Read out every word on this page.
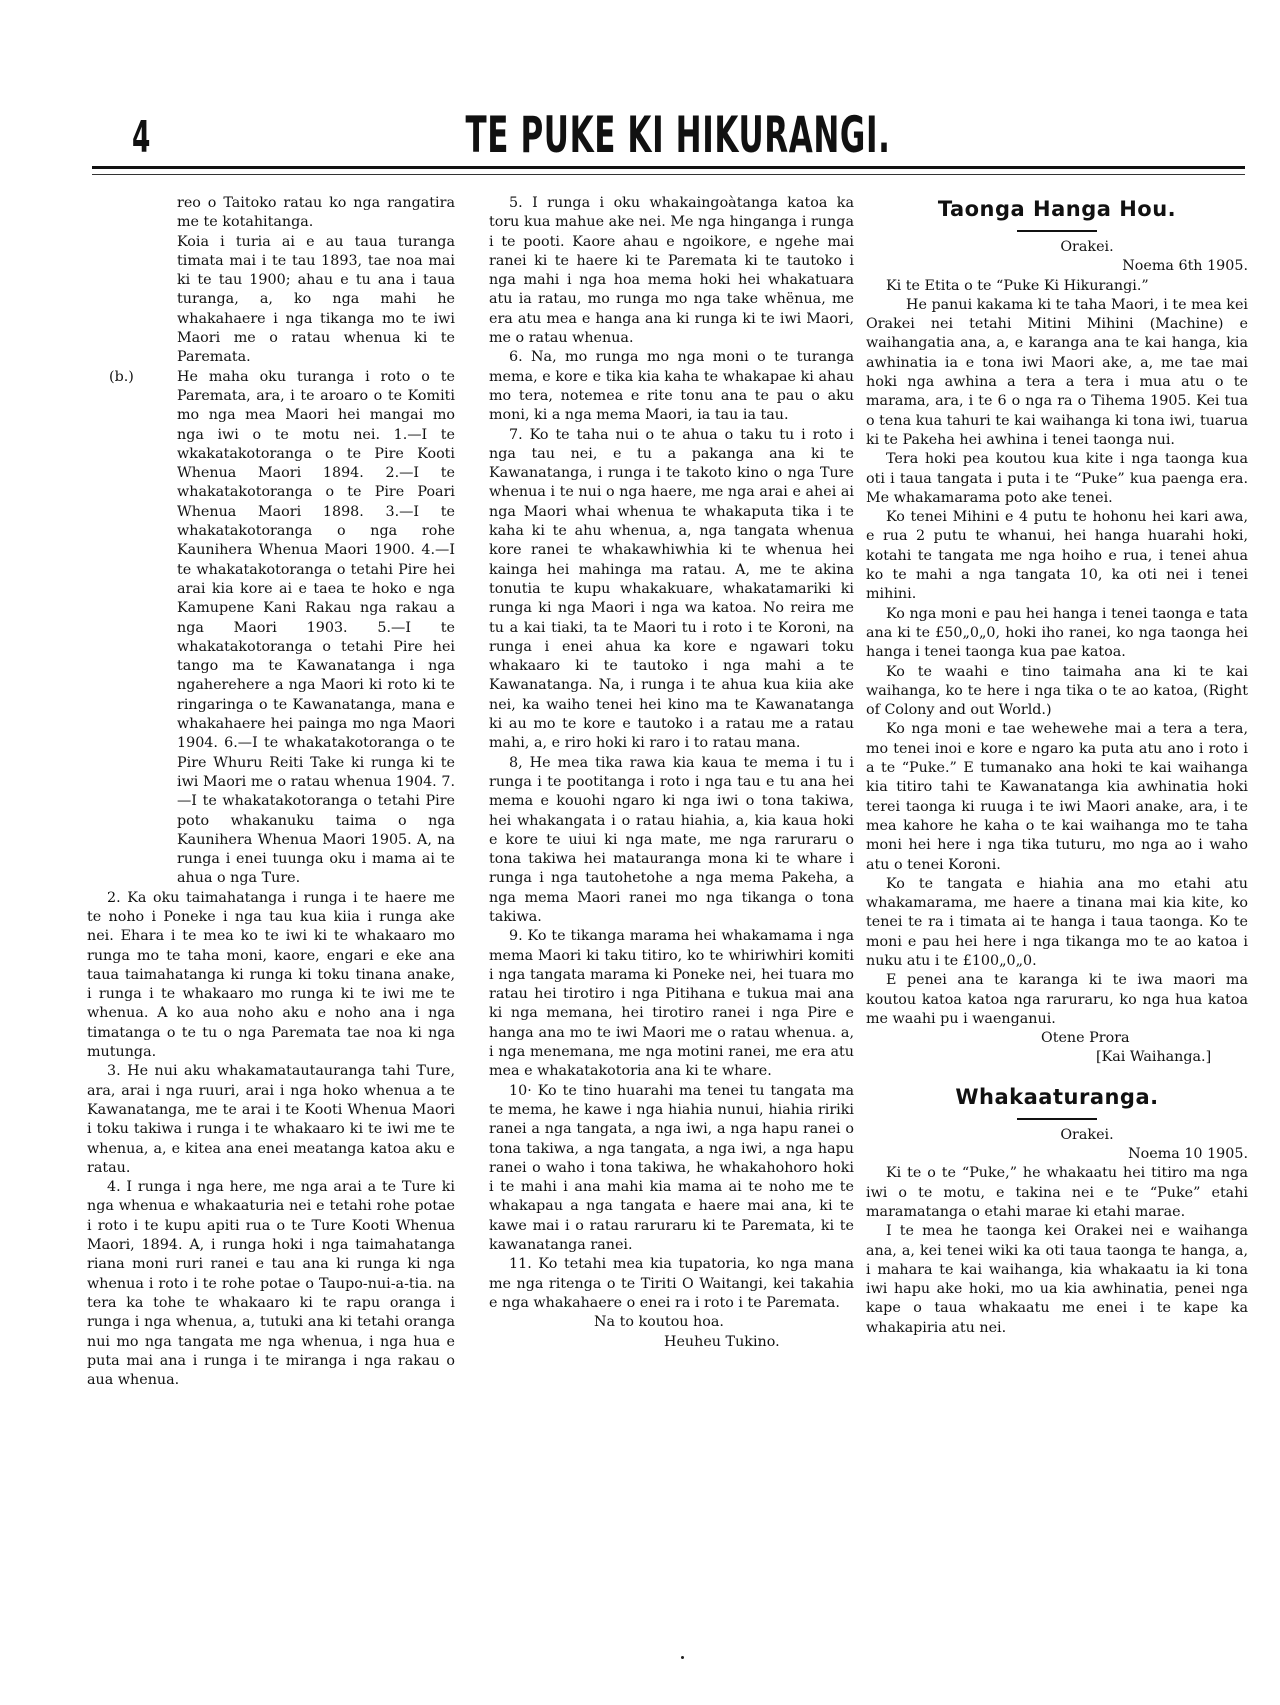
4	TE PUKE KI HIKURANGI.

reo o Taitoko ratau ko nga rangatira me te kotahitanga.

Koia i turia ai e au taua turanga timata mai i te tau 1893, tae noa mai ki te tau 1900; ahau e tu ana i taua turanga, a, ko nga mahi he whakahaere i nga tikanga mo te iwi Maori me o ratau whenua ki te Paremata.

(b.)	He maha oku turanga i roto o te Paremata, ara, i te aroaro o te Komiti mo nga mea Maori hei mangai mo nga iwi o te motu nei. 1.—I te wkakatakotoranga o te Pire Kooti Whenua Maori 1894. 2.—I te whakatakotoranga o te Pire Poari Whenua Maori 1898. 3.—I te whakatakotoranga o nga rohe Kaunihera Whenua Maori 1900. 4.—I te whakatakotoranga o tetahi Pire hei arai kia kore ai e taea te hoko e nga Kamupene Kani Rakau nga rakau a nga Maori 1903. 5.—I te whakatakotoranga o tetahi Pire hei tango ma te Kawanatanga i nga ngaherehere a nga Maori ki roto ki te ringaringa o te Kawanatanga, mana e whakahaere hei painga mo nga Maori 1904. 6.—I te whakatakotoranga o te Pire Whuru Reiti Take ki runga ki te iwi Maori me o ratau whenua 1904. 7.—I te whakatakotoranga o tetahi Pire poto whakanuku taima o nga Kaunihera Whenua Maori 1905. A, na runga i enei tuunga oku i mama ai te ahua o nga Ture.

2. Ka oku taimahatanga i runga i te haere me te noho i Poneke i nga tau kua kiia i runga ake nei. Ehara i te mea ko te iwi ki te whakaaro mo runga mo te taha moni, kaore, engari e eke ana taua taimahatanga ki runga ki toku tinana anake, i runga i te whakaaro mo runga ki te iwi me te whenua. A ko aua noho aku e noho ana i nga timatanga o te tu o nga Paremata tae noa ki nga mutunga.

3. He nui aku whakamatautauranga tahi Ture, ara, arai i nga ruuri, arai i nga hoko whenua a te Kawanatanga, me te arai i te Kooti Whenua Maori i toku takiwa i runga i te whakaaro ki te iwi me te whenua, a, e kitea ana enei meatanga katoa aku e ratau.

4. I runga i nga here, me nga arai a te Ture ki nga whenua e whakaaturia nei e tetahi rohe potae i roto i te kupu apiti rua o te Ture Kooti Whenua Maori, 1894. A, i runga hoki i nga taimahatanga riana moni ruri ranei e tau ana ki runga ki nga whenua i roto i te rohe potae o Taupo-nui-a-tia. na tera ka tohe te whakaaro ki te rapu oranga i runga i nga whenua, a, tutuki ana ki tetahi oranga nui mo nga tangata me nga whenua, i nga hua e puta mai ana i runga i te miranga i nga rakau o aua whenua.

5. I runga i oku whakaingoàtanga katoa ka toru kua mahue ake nei. Me nga hinganga i runga i te pooti. Kaore ahau e ngoikore, e ngehe mai ranei ki te haere ki te Paremata ki te tautoko i nga mahi i nga hoa mema hoki hei whakatuara atu ia ratau, mo runga mo nga take whënua, me era atu mea e hanga ana ki runga ki te iwi Maori, me o ratau whenua.

6. Na, mo runga mo nga moni o te turanga mema, e kore e tika kia kaha te whakapae ki ahau mo tera, notemea e rite tonu ana te pau o aku moni, ki a nga mema Maori, ia tau ia tau.

7. Ko te taha nui o te ahua o taku tu i roto i nga tau nei, e tu a pakanga ana ki te Kawanatanga, i runga i te takoto kino o nga Ture whenua i te nui o nga haere, me nga arai e ahei ai nga Maori whai whenua te whakaputa tika i te kaha ki te ahu whenua, a, nga tangata whenua kore ranei te whakawhiwhia ki te whenua hei kainga hei mahinga ma ratau. A, me te akina tonutia te kupu whakakuare, whakatamariki ki runga ki nga Maori i nga wa katoa. No reira me tu a kai tiaki, ta te Maori tu i roto i te Koroni, na runga i enei ahua ka kore e ngawari toku whakaaro ki te tautoko i nga mahi a te Kawanatanga. Na, i runga i te ahua kua kiia ake nei, ka waiho tenei hei kino ma te Kawanatanga ki au mo te kore e tautoko i a ratau me a ratau mahi, a, e riro hoki ki raro i to ratau mana.

8, He mea tika rawa kia kaua te mema i tu i runga i te pootitanga i roto i nga tau e tu ana hei mema e kouohi ngaro ki nga iwi o tona takiwa, hei whakangata i o ratau hiahia, a, kia kaua hoki e kore te uiui ki nga mate, me nga raruraru o tona takiwa hei matauranga mona ki te whare i runga i nga tautohetohe a nga mema Pakeha, a nga mema Maori ranei mo nga tikanga o tona takiwa.

9. Ko te tikanga marama hei whakamama i nga mema Maori ki taku titiro, ko te whiriwhiri komiti i nga tangata marama ki Poneke nei, hei tuara mo ratau hei tirotiro i nga Pitihana e tukua mai ana ki nga memana, hei tirotiro ranei i nga Pire e hanga ana mo te iwi Maori me o ratau whenua. a, i nga menemana, me nga motini ranei, me era atu mea e whakatakotoria ana ki te whare.

10· Ko te tino huarahi ma tenei tu tangata ma te mema, he kawe i nga hiahia nunui, hiahia ririki ranei a nga tangata, a nga iwi, a nga hapu ranei o tona takiwa, a nga tangata, a nga iwi, a nga hapu ranei o waho i tona takiwa, he whakahohoro hoki i te mahi i ana mahi kia mama ai te noho me te whakapau a nga tangata e haere mai ana, ki te kawe mai i o ratau raruraru ki te Paremata, ki te kawanatanga ranei.

11. Ko tetahi mea kia tupatoria, ko nga mana me nga ritenga o te Tiriti O Waitangi, kei takahia e nga whakahaere o enei ra i roto i te Paremata.

Na to koutou hoa.

Heuheu Tukino.

Taonga Hanga Hou.

Orakei.

Noema 6th 1905.

Ki te Etita o te “Puke Ki Hikurangi.”

He panui kakama ki te taha Maori, i te mea kei Orakei nei tetahi Mitini Mihini (Machine) e waihangatia ana, a, e karanga ana te kai hanga, kia awhinatia ia e tona iwi Maori ake, a, me tae mai hoki nga awhina a tera a tera i mua atu o te marama, ara, i te 6 o nga ra o Tihema 1905. Kei tua o tena kua tahuri te kai waihanga ki tona iwi, tuarua ki te Pakeha hei awhina i tenei taonga nui.

Tera hoki pea koutou kua kite i nga taonga kua oti i taua tangata i puta i te “Puke” kua paenga era. Me whakamarama poto ake tenei.

Ko tenei Mihini e 4 putu te hohonu hei kari awa, e rua 2 putu te whanui, hei hanga huarahi hoki, kotahi te tangata me nga hoiho e rua, i tenei ahua ko te mahi a nga tangata 10, ka oti nei i tenei mihini.

Ko nga moni e pau hei hanga i tenei taonga e tata ana ki te £50„0„0, hoki iho ranei, ko nga taonga hei hanga i tenei taonga kua pae katoa.

Ko te waahi e tino taimaha ana ki te kai waihanga, ko te here i nga tika o te ao katoa, (Right of Colony and out World.)

Ko nga moni e tae wehewehe mai a tera a tera, mo tenei inoi e kore e ngaro ka puta atu ano i roto i a te “Puke.” E tumanako ana hoki te kai waihanga kia titiro tahi te Kawanatanga kia awhinatia hoki terei taonga ki ruuga i te iwi Maori anake, ara, i te mea kahore he kaha o te kai waihanga mo te taha moni hei here i nga tika tuturu, mo nga ao i waho atu o tenei Koroni.

Ko te tangata e hiahia ana mo etahi atu whakamarama, me haere a tinana mai kia kite, ko tenei te ra i timata ai te hanga i taua taonga. Ko te moni e pau hei here i nga tikanga mo te ao katoa i nuku atu i te £100„0„0.

E penei ana te karanga ki te iwa maori ma koutou katoa katoa nga raruraru, ko nga hua katoa me waahi pu i waenganui.

Otene Prora

[Kai Waihanga.]

Whakaaturanga.

Orakei.

Noema 10 1905.

Ki te o te “Puke,” he whakaatu hei titiro ma nga iwi o te motu, e takina nei e te “Puke” etahi maramatanga o etahi marae ki etahi marae.

I te mea he taonga kei Orakei nei e waihanga ana, a, kei tenei wiki ka oti taua taonga te hanga, a, i mahara te kai waihanga, kia whakaatu ia ki tona iwi hapu ake hoki, mo ua kia awhinatia, penei nga kape o taua whakaatu me enei i te kape ka whakapiria atu nei.
